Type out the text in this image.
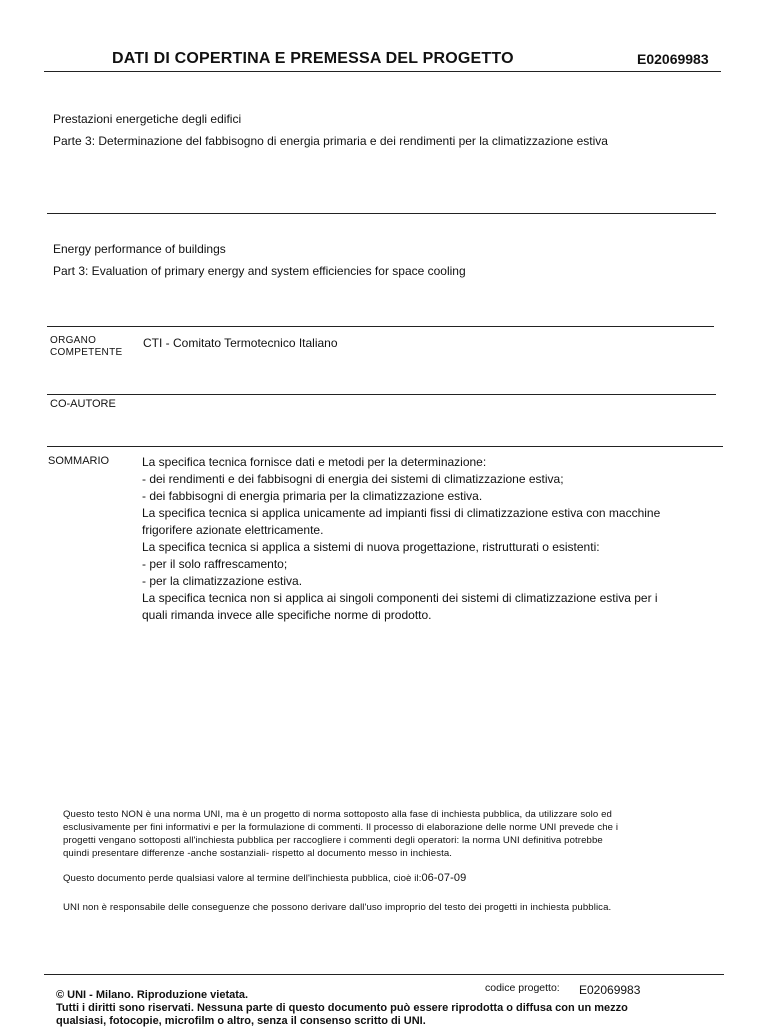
DATI DI COPERTINA E PREMESSA DEL PROGETTO	E02069983
Prestazioni energetiche degli edifici
Parte 3: Determinazione del fabbisogno di energia primaria e dei rendimenti per la climatizzazione estiva
Energy performance of buildings
Part 3: Evaluation of primary energy and system efficiencies for space cooling
ORGANO
COMPETENTE
CTI - Comitato Termotecnico Italiano
CO-AUTORE
SOMMARIO	La specifica tecnica fornisce dati e metodi per la determinazione:
- dei rendimenti e dei fabbisogni di energia dei sistemi di climatizzazione estiva;
- dei fabbisogni di energia primaria per la climatizzazione estiva.
La specifica tecnica si applica unicamente ad impianti fissi di climatizzazione estiva con macchine
frigorifere azionate elettricamente.
La specifica tecnica si applica a sistemi di nuova progettazione, ristrutturati o esistenti:
- per il solo raffrescamento;
- per la climatizzazione estiva.
La specifica tecnica non si applica ai singoli componenti dei sistemi di climatizzazione estiva per i
quali rimanda invece alle specifiche norme di prodotto.
Questo testo NON è una norma UNI, ma è un progetto di norma sottoposto alla fase di inchiesta pubblica, da utilizzare solo ed
esclusivamente per fini informativi e per la formulazione di commenti. Il processo di elaborazione delle norme UNI prevede che i
progetti vengano sottoposti all'inchiesta pubblica per raccogliere i commenti degli operatori: la norma UNI definitiva potrebbe
quindi presentare differenze -anche sostanziali- rispetto al documento messo in inchiesta.
Questo documento perde qualsiasi valore al termine dell'inchiesta pubblica, cioè il:06-07-09
UNI non è responsabile delle conseguenze che possono derivare dall'uso improprio del testo dei progetti in inchiesta pubblica.
codice progetto: E02069983
© UNI - Milano. Riproduzione vietata.
Tutti i diritti sono riservati. Nessuna parte di questo documento può essere riprodotta o diffusa con un mezzo
qualsiasi, fotocopie, microfilm o altro, senza il consenso scritto di UNI.
